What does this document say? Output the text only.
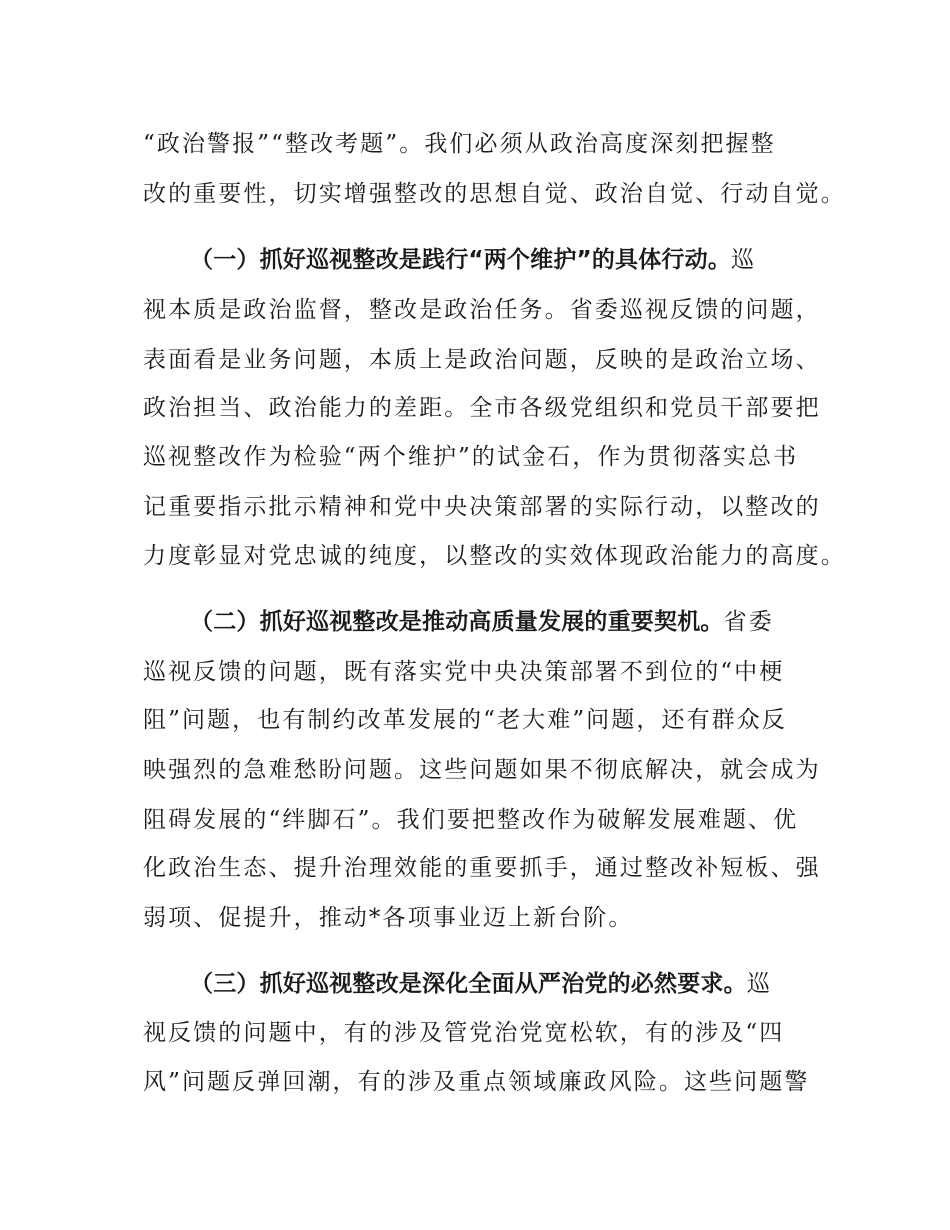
“政治警报”“整改考题”。我们必须从政治高度深刻把握整
改的重要性，切实增强整改的思想自觉、政治自觉、行动自觉。
（一）抓好巡视整改是践行“两个维护”的具体行动。巡
视本质是政治监督，整改是政治任务。省委巡视反馈的问题，
表面看是业务问题，本质上是政治问题，反映的是政治立场、
政治担当、政治能力的差距。全市各级党组织和党员干部要把
巡视整改作为检验“两个维护”的试金石，作为贯彻落实总书
记重要指示批示精神和党中央决策部署的实际行动，以整改的
力度彰显对党忠诚的纯度，以整改的实效体现政治能力的高度。
（二）抓好巡视整改是推动高质量发展的重要契机。省委
巡视反馈的问题，既有落实党中央决策部署不到位的“中梗
阻”问题，也有制约改革发展的“老大难”问题，还有群众反
映强烈的急难愁盼问题。这些问题如果不彻底解决，就会成为
阻碍发展的“绊脚石”。我们要把整改作为破解发展难题、优
化政治生态、提升治理效能的重要抓手，通过整改补短板、强
弱项、促提升，推动*各项事业迈上新台阶。
（三）抓好巡视整改是深化全面从严治党的必然要求。巡
视反馈的问题中，有的涉及管党治党宽松软，有的涉及“四
风”问题反弹回潮，有的涉及重点领域廉政风险。这些问题警
